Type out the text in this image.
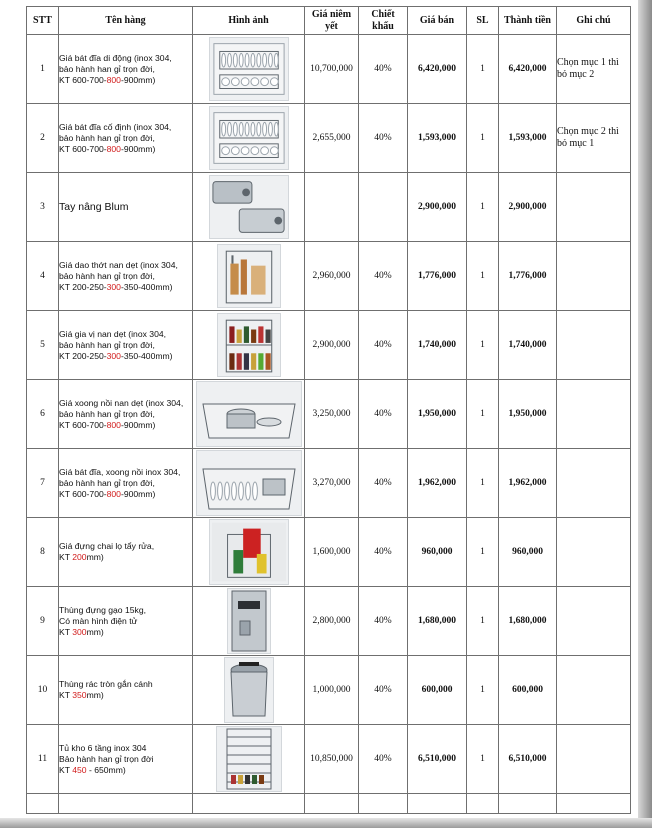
STT	Tên hàng	Hình ảnh	Giá niêm
yết	Chiết
khấu	Giá bán	SL	Thành tiền	Ghi chú
1	Giá bát đĩa di động (inox 304,
bảo hành han gỉ trọn đời,
KT 600-700-800-900mm)		10,700,000	40%	6,420,000	1	6,420,000	Chọn mục 1 thì bỏ mục 2
2	Giá bát đĩa cố định (inox 304,
bảo hành han gỉ trọn đời,
KT 600-700-800-900mm)		2,655,000	40%	1,593,000	1	1,593,000	Chọn mục 2 thì bỏ mục 1
3	Tay nâng Blum				2,900,000	1	2,900,000	
4	Giá dao thớt nan dẹt (inox 304,
bảo hành han gỉ trọn đời,
KT 200-250-300-350-400mm)		2,960,000	40%	1,776,000	1	1,776,000	
5	Giá gia vị nan dẹt (inox 304,
bảo hành han gỉ trọn đời,
KT 200-250-300-350-400mm)		2,900,000	40%	1,740,000	1	1,740,000	
6	Giá xoong nồi nan dẹt (inox 304,
bảo hành han gỉ trọn đời,
KT 600-700-800-900mm)		3,250,000	40%	1,950,000	1	1,950,000	
7	Giá bát đĩa, xoong nồi inox 304,
bảo hành han gỉ trọn đời,
KT 600-700-800-900mm)		3,270,000	40%	1,962,000	1	1,962,000	
8	Giá đựng chai lọ tẩy rửa,
KT 200mm)		1,600,000	40%	960,000	1	960,000	
9	Thùng đựng gạo 15kg,
Có màn hình điện tử
KT 300mm)		2,800,000	40%	1,680,000	1	1,680,000	
10	Thùng rác tròn gắn cánh
KT 350mm)		1,000,000	40%	600,000	1	600,000	
11	Tủ kho 6 tầng inox 304
Bảo hành han gỉ trọn đời
KT 450 - 650mm)		10,850,000	40%	6,510,000	1	6,510,000	
